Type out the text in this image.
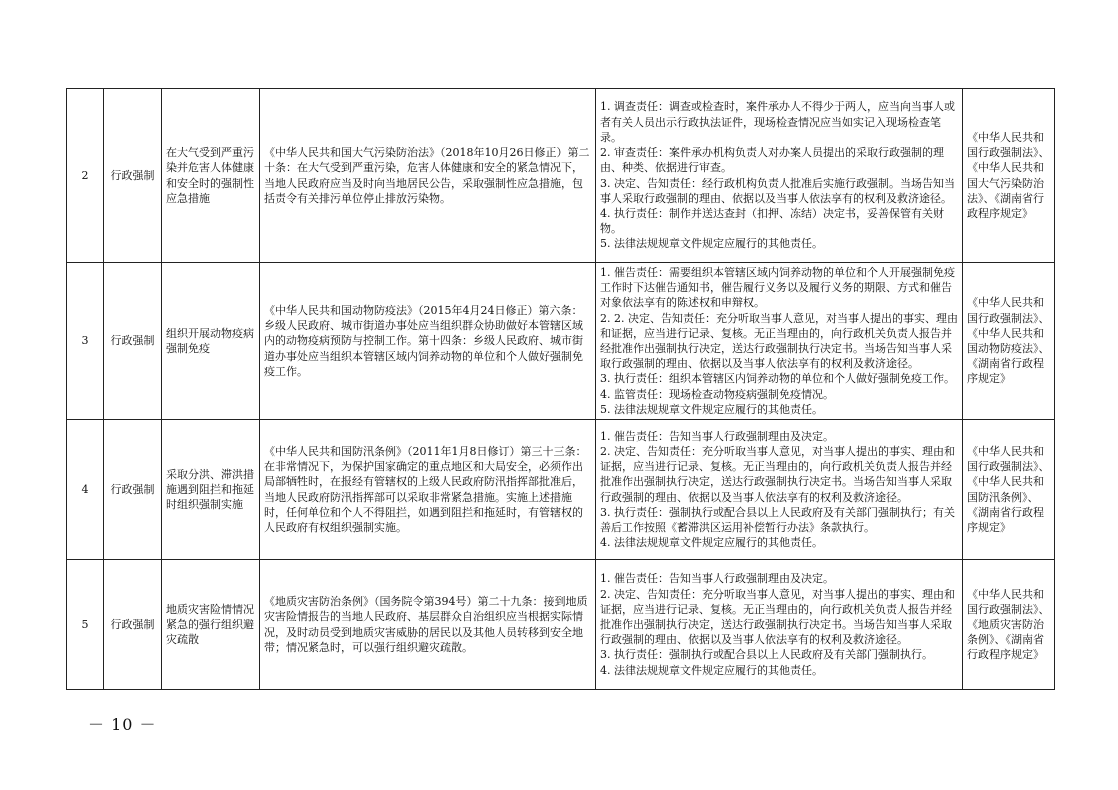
2	行政强制	在大气受到严重污染并危害人体健康和安全时的强制性应急措施	《中华人民共和国大气污染防治法》（2018年10月26日修正）第二十条：在大气受到严重污染，危害人体健康和安全的紧急情况下，当地人民政府应当及时向当地居民公告，采取强制性应急措施，包括责令有关排污单位停止排放污染物。	1. 调查责任：调查或检查时，案件承办人不得少于两人，应当向当事人或者有关人员出示行政执法证件，现场检查情况应当如实记入现场检查笔录。
2. 审查责任：案件承办机构负责人对办案人员提出的采取行政强制的理由、种类、依据进行审查。
3. 决定、告知责任：经行政机构负责人批准后实施行政强制。当场告知当事人采取行政强制的理由、依据以及当事人依法享有的权利及救济途径。
4. 执行责任：制作并送达查封（扣押、冻结）决定书，妥善保管有关财物。
5. 法律法规规章文件规定应履行的其他责任。	《中华人民共和国行政强制法》、《中华人民共和国大气污染防治法》、《湖南省行政程序规定》
3	行政强制	组织开展动物疫病强制免疫	《中华人民共和国动物防疫法》（2015年4月24日修正）第六条：乡级人民政府、城市街道办事处应当组织群众协助做好本管辖区域内的动物疫病预防与控制工作。第十四条：乡级人民政府、城市街道办事处应当组织本管辖区域内饲养动物的单位和个人做好强制免疫工作。	1. 催告责任：需要组织本管辖区域内饲养动物的单位和个人开展强制免疫工作时下达催告通知书，催告履行义务以及履行义务的期限、方式和催告对象依法享有的陈述权和申辩权。
2. 2. 决定、告知责任：充分听取当事人意见，对当事人提出的事实、理由和证据，应当进行记录、复核。无正当理由的，向行政机关负责人报告并经批准作出强制执行决定，送达行政强制执行决定书。当场告知当事人采取行政强制的理由、依据以及当事人依法享有的权利及救济途径。
3. 执行责任：组织本管辖区内饲养动物的单位和个人做好强制免疫工作。
4. 监管责任：现场检查动物疫病强制免疫情况。
5. 法律法规规章文件规定应履行的其他责任。	《中华人民共和国行政强制法》、《中华人民共和国动物防疫法》、《湖南省行政程序规定》
4	行政强制	采取分洪、滞洪措施遇到阻拦和拖延时组织强制实施	《中华人民共和国防汛条例》（2011年1月8日修订）第三十三条：在非常情况下，为保护国家确定的重点地区和大局安全，必须作出局部牺牲时，在报经有管辖权的上级人民政府防汛指挥部批准后，当地人民政府防汛指挥部可以采取非常紧急措施。实施上述措施时，任何单位和个人不得阻拦，如遇到阻拦和拖延时，有管辖权的人民政府有权组织强制实施。	1. 催告责任：告知当事人行政强制理由及决定。
2. 决定、告知责任：充分听取当事人意见，对当事人提出的事实、理由和证据，应当进行记录、复核。无正当理由的，向行政机关负责人报告并经批准作出强制执行决定，送达行政强制执行决定书。当场告知当事人采取行政强制的理由、依据以及当事人依法享有的权利及救济途径。
3. 执行责任：强制执行或配合县以上人民政府及有关部门强制执行；有关善后工作按照《蓄滞洪区运用补偿暂行办法》条款执行。
4. 法律法规规章文件规定应履行的其他责任。	《中华人民共和国行政强制法》、《中华人民共和国防汛条例》、《湖南省行政程序规定》
5	行政强制	地质灾害险情情况紧急的强行组织避灾疏散	《地质灾害防治条例》（国务院令第394号）第二十九条：接到地质灾害险情报告的当地人民政府、基层群众自治组织应当根据实际情况，及时动员受到地质灾害威胁的居民以及其他人员转移到安全地带；情况紧急时，可以强行组织避灾疏散。	1. 催告责任：告知当事人行政强制理由及决定。
2. 决定、告知责任：充分听取当事人意见，对当事人提出的事实、理由和证据，应当进行记录、复核。无正当理由的，向行政机关负责人报告并经批准作出强制执行决定，送达行政强制执行决定书。当场告知当事人采取行政强制的理由、依据以及当事人依法享有的权利及救济途径。
3. 执行责任：强制执行或配合县以上人民政府及有关部门强制执行。
4. 法律法规规章文件规定应履行的其他责任。	《中华人民共和国行政强制法》、《地质灾害防治条例》、《湖南省行政程序规定》
－ 10 －
